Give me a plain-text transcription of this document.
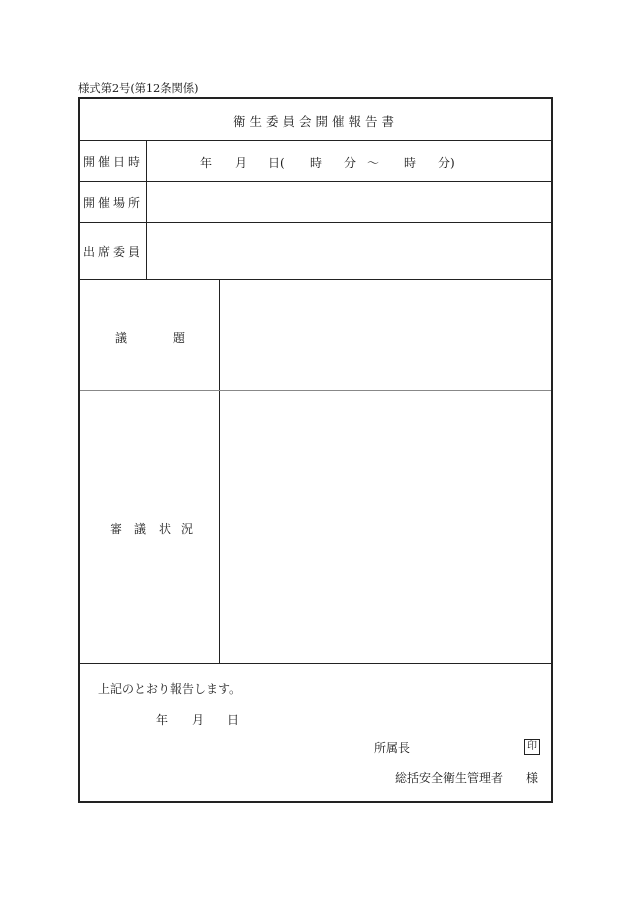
様式第2号(第12条関係)
衛生委員会開催報告書
開催日時	年 月 日( 時 分 〜 時 分)
開催場所
出席委員
議	題
審 議 状 況
上記のとおり報告します。
年 月 日
所属長	印
総括安全衛生管理者 様
